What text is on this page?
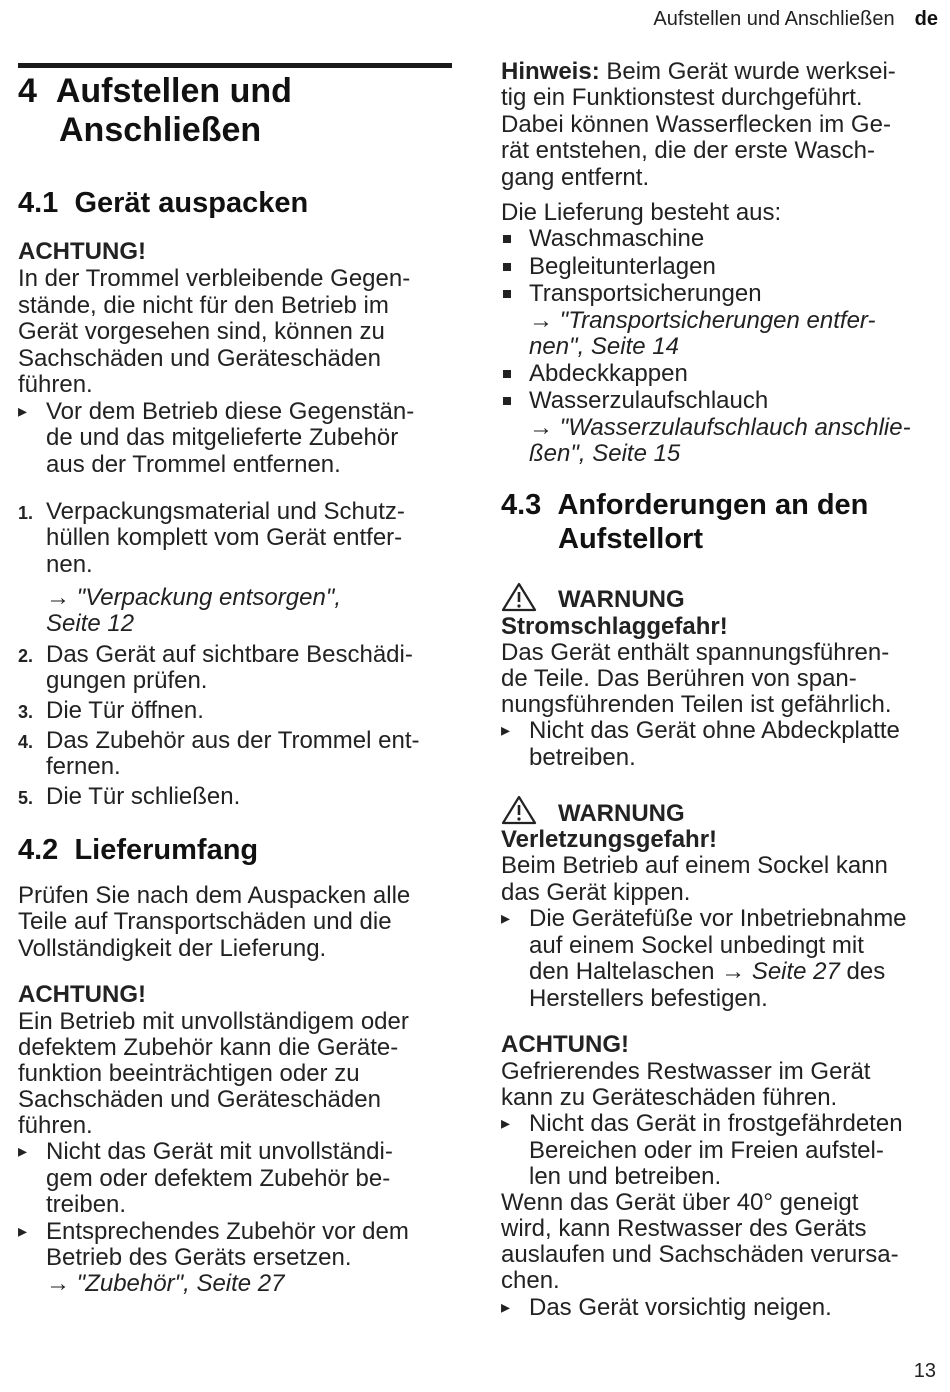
Aufstellen und Anschließen de
4 Aufstellen und
Anschließen
4.1 Gerät auspacken
ACHTUNG!
In der Trommel verbleibende Gegen-
stände, die nicht für den Betrieb im
Gerät vorgesehen sind, können zu
Sachschäden und Geräteschäden
führen.
▸ Vor dem Betrieb diese Gegenstän-
de und das mitgelieferte Zubehör
aus der Trommel entfernen.
1. Verpackungsmaterial und Schutz-
hüllen komplett vom Gerät entfer-
nen.
→ "Verpackung entsorgen",
Seite 12
2. Das Gerät auf sichtbare Beschädi-
gungen prüfen.
3. Die Tür öffnen.
4. Das Zubehör aus der Trommel ent-
fernen.
5. Die Tür schließen.
4.2 Lieferumfang
Prüfen Sie nach dem Auspacken alle
Teile auf Transportschäden und die
Vollständigkeit der Lieferung.
ACHTUNG!
Ein Betrieb mit unvollständigem oder
defektem Zubehör kann die Geräte-
funktion beeinträchtigen oder zu
Sachschäden und Geräteschäden
führen.
▸ Nicht das Gerät mit unvollständi-
gem oder defektem Zubehör be-
treiben.
▸ Entsprechendes Zubehör vor dem
Betrieb des Geräts ersetzen.
→ "Zubehör", Seite 27
Hinweis: Beim Gerät wurde werksei-
tig ein Funktionstest durchgeführt.
Dabei können Wasserflecken im Ge-
rät entstehen, die der erste Wasch-
gang entfernt.
Die Lieferung besteht aus:
Waschmaschine
Begleitunterlagen
Transportsicherungen
→ "Transportsicherungen entfer-
nen", Seite 14
Abdeckkappen
Wasserzulaufschlauch
→ "Wasserzulaufschlauch anschlie-
ßen", Seite 15
4.3 Anforderungen an den
Aufstellort
WARNUNG
Stromschlaggefahr!
Das Gerät enthält spannungsführen-
de Teile. Das Berühren von span-
nungsführenden Teilen ist gefährlich.
▸ Nicht das Gerät ohne Abdeckplatte
betreiben.
WARNUNG
Verletzungsgefahr!
Beim Betrieb auf einem Sockel kann
das Gerät kippen.
▸ Die Gerätefüße vor Inbetriebnahme
auf einem Sockel unbedingt mit
den Haltelaschen → Seite 27 des
Herstellers befestigen.
ACHTUNG!
Gefrierendes Restwasser im Gerät
kann zu Geräteschäden führen.
▸ Nicht das Gerät in frostgefährdeten
Bereichen oder im Freien aufstel-
len und betreiben.
Wenn das Gerät über 40° geneigt
wird, kann Restwasser des Geräts
auslaufen und Sachschäden verursa-
chen.
▸ Das Gerät vorsichtig neigen.
13
